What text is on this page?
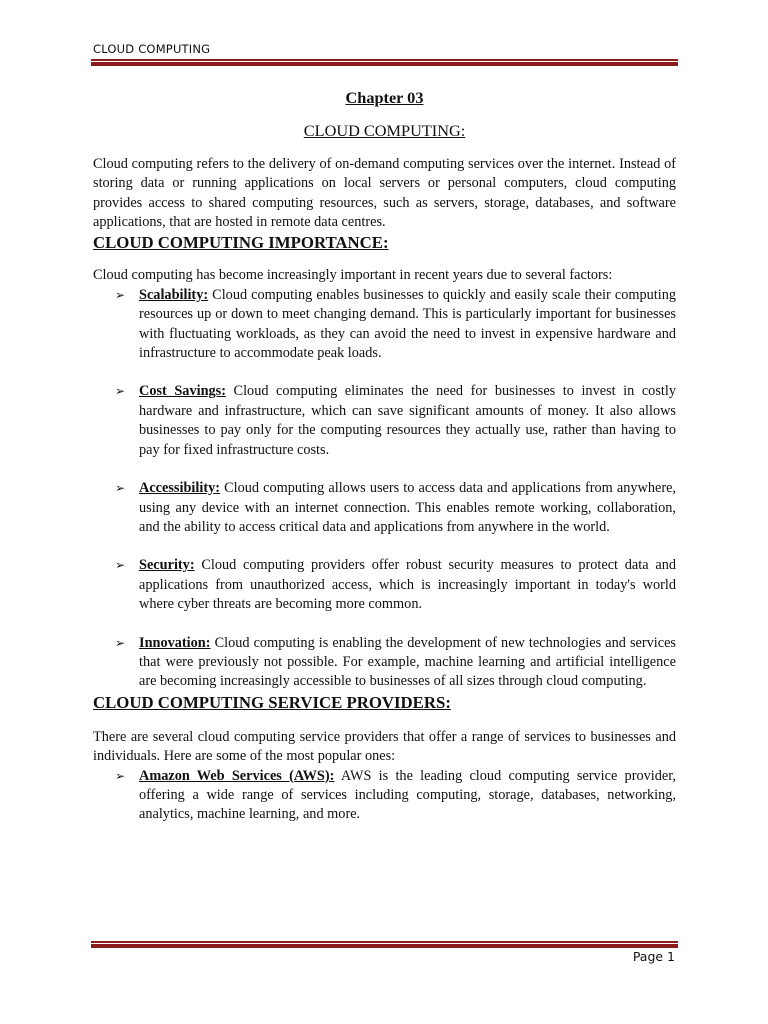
CLOUD COMPUTING

Chapter 03

CLOUD COMPUTING:

Cloud computing refers to the delivery of on-demand computing services over the internet. Instead of storing data or running applications on local servers or personal computers, cloud computing provides access to shared computing resources, such as servers, storage, databases, and software applications, that are hosted in remote data centres.

CLOUD COMPUTING IMPORTANCE:

Cloud computing has become increasingly important in recent years due to several factors:

➢ Scalability: Cloud computing enables businesses to quickly and easily scale their computing resources up or down to meet changing demand. This is particularly important for businesses with fluctuating workloads, as they can avoid the need to invest in expensive hardware and infrastructure to accommodate peak loads.
➢ Cost Savings: Cloud computing eliminates the need for businesses to invest in costly hardware and infrastructure, which can save significant amounts of money. It also allows businesses to pay only for the computing resources they actually use, rather than having to pay for fixed infrastructure costs.
➢ Accessibility: Cloud computing allows users to access data and applications from anywhere, using any device with an internet connection. This enables remote working, collaboration, and the ability to access critical data and applications from anywhere in the world.
➢ Security: Cloud computing providers offer robust security measures to protect data and applications from unauthorized access, which is increasingly important in today's world where cyber threats are becoming more common.
➢ Innovation: Cloud computing is enabling the development of new technologies and services that were previously not possible. For example, machine learning and artificial intelligence are becoming increasingly accessible to businesses of all sizes through cloud computing.
CLOUD COMPUTING SERVICE PROVIDERS:

There are several cloud computing service providers that offer a range of services to businesses and individuals. Here are some of the most popular ones:

➢ Amazon Web Services (AWS): AWS is the leading cloud computing service provider, offering a wide range of services including computing, storage, databases, networking, analytics, machine learning, and more.
Page 1
